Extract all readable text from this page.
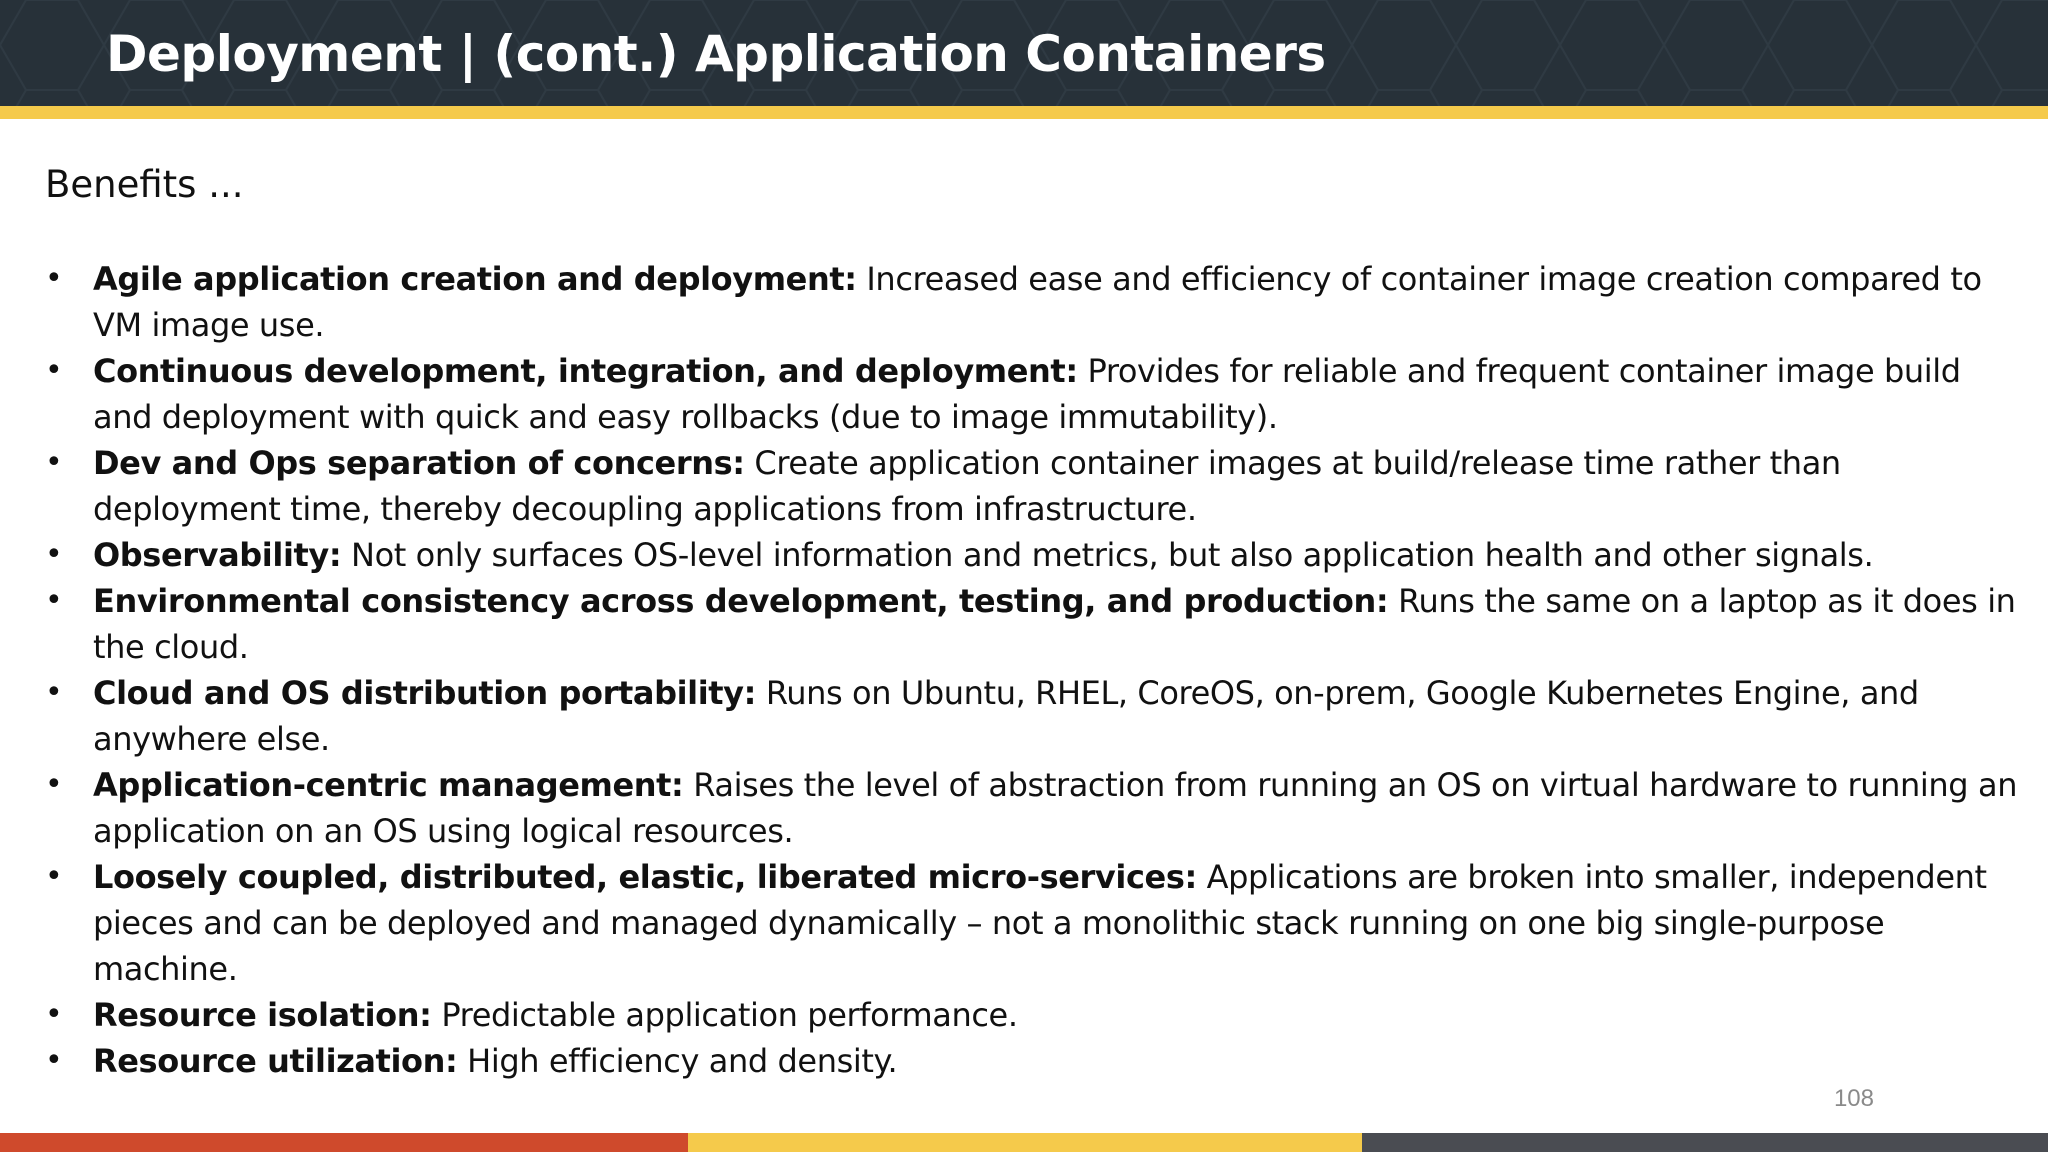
Deployment | (cont.) Application Containers
Benefits ...
• Agile application creation and deployment: Increased ease and efficiency of container image creation compared to VM image use.
• Continuous development, integration, and deployment: Provides for reliable and frequent container image build and deployment with quick and easy rollbacks (due to image immutability).
• Dev and Ops separation of concerns: Create application container images at build/release time rather than deployment time, thereby decoupling applications from infrastructure.
• Observability: Not only surfaces OS-level information and metrics, but also application health and other signals.
• Environmental consistency across development, testing, and production: Runs the same on a laptop as it does in the cloud.
• Cloud and OS distribution portability: Runs on Ubuntu, RHEL, CoreOS, on-prem, Google Kubernetes Engine, and anywhere else.
• Application-centric management: Raises the level of abstraction from running an OS on virtual hardware to running an application on an OS using logical resources.
• Loosely coupled, distributed, elastic, liberated micro-services: Applications are broken into smaller, independent pieces and can be deployed and managed dynamically – not a monolithic stack running on one big single-purpose machine.
• Resource isolation: Predictable application performance.
• Resource utilization: High efficiency and density.
108
